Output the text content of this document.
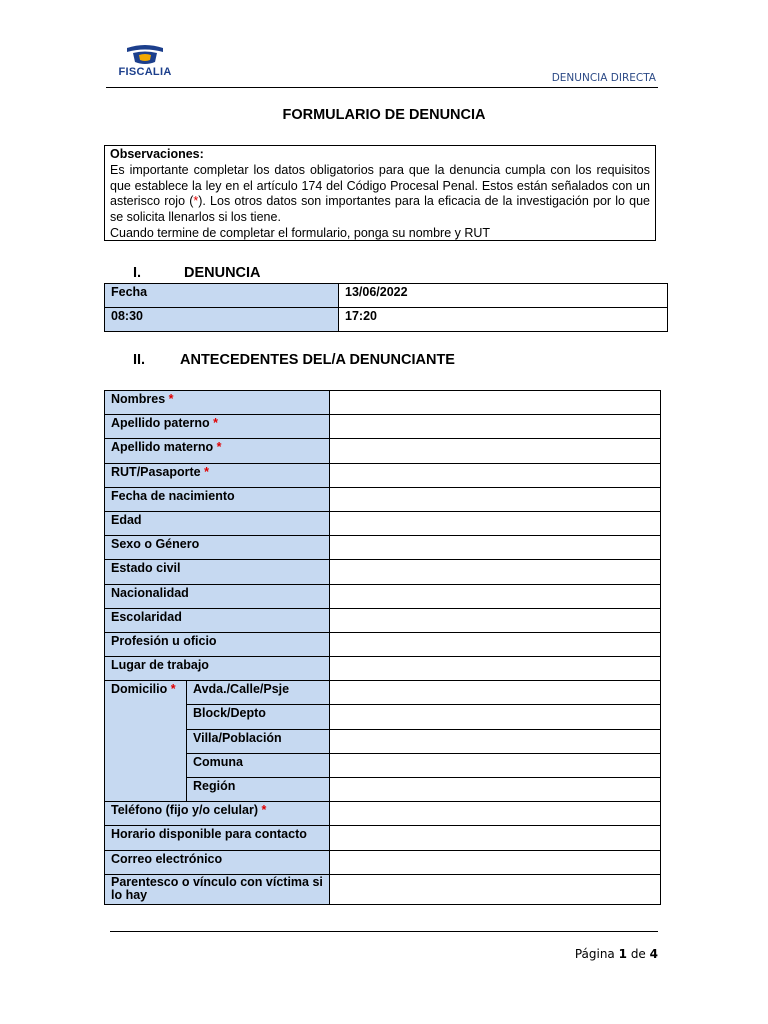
FISCALIA	DENUNCIA DIRECTA
FORMULARIO DE DENUNCIA

Observaciones:

Es importante completar los datos obligatorios para que la denuncia cumpla con los requisitos que establece la ley en el artículo 174 del Código Procesal Penal. Estos están señalados con un asterisco rojo (*). Los otros datos son importantes para la eficacia de la investigación por lo que se solicita llenarlos si los tiene.

Cuando termine de completar el formulario, ponga su nombre y RUT

I.	DENUNCIA
Fecha	13/06/2022
08:30	17:20
II. ANTECEDENTES DEL/A DENUNCIANTE
Nombres *		
Apellido paterno *		
Apellido materno *		
RUT/Pasaporte *		
Fecha de nacimiento		
Edad		
Sexo o Género		
Estado civil		
Nacionalidad		
Escolaridad		
Profesión u oficio		
Lugar de trabajo		
Domicilio *	Avda./Calle/Psje	
	Block/Depto	
	Villa/Población	
	Comuna	
	Región	
Teléfono (fijo y/o celular) *		
Horario disponible para contacto		
Correo electrónico		
Parentesco o vínculo con víctima si lo hay		
Página 1 de 4
